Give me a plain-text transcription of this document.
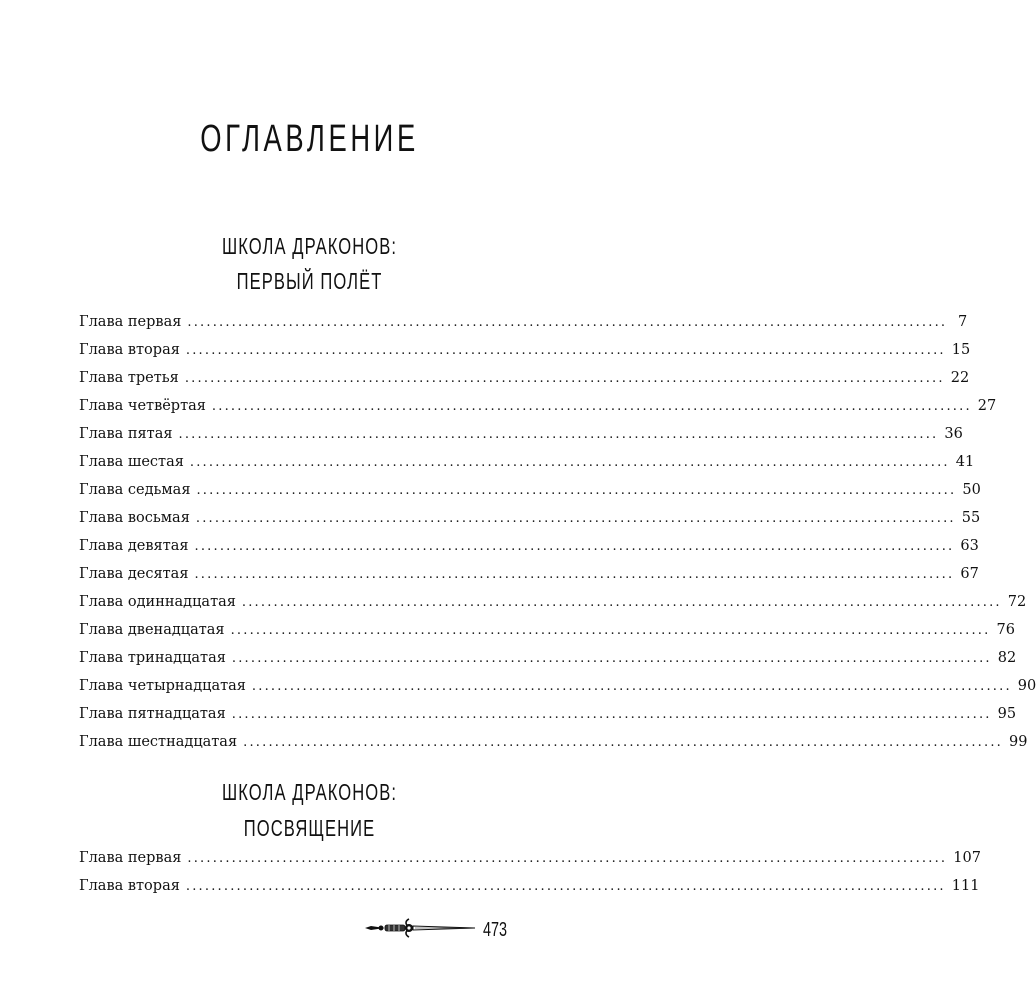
ОГЛАВЛЕНИЕ
ШКОЛА ДРАКОНОВ:
ПЕРВЫЙ ПОЛЁТ
Глава первая ........................................................................................................................ 7
Глава вторая ........................................................................................................................ 15
Глава третья ........................................................................................................................ 22
Глава четвёртая ........................................................................................................................ 27
Глава пятая ........................................................................................................................ 36
Глава шестая ........................................................................................................................ 41
Глава седьмая ........................................................................................................................ 50
Глава восьмая ........................................................................................................................ 55
Глава девятая ........................................................................................................................ 63
Глава десятая ........................................................................................................................ 67
Глава одиннадцатая ........................................................................................................................ 72
Глава двенадцатая ........................................................................................................................ 76
Глава тринадцатая ........................................................................................................................ 82
Глава четырнадцатая ........................................................................................................................ 90
Глава пятнадцатая ........................................................................................................................ 95
Глава шестнадцатая ........................................................................................................................ 99
ШКОЛА ДРАКОНОВ:
ПОСВЯЩЕНИЕ
Глава первая ........................................................................................................................ 107
Глава вторая ........................................................................................................................ 111
473
